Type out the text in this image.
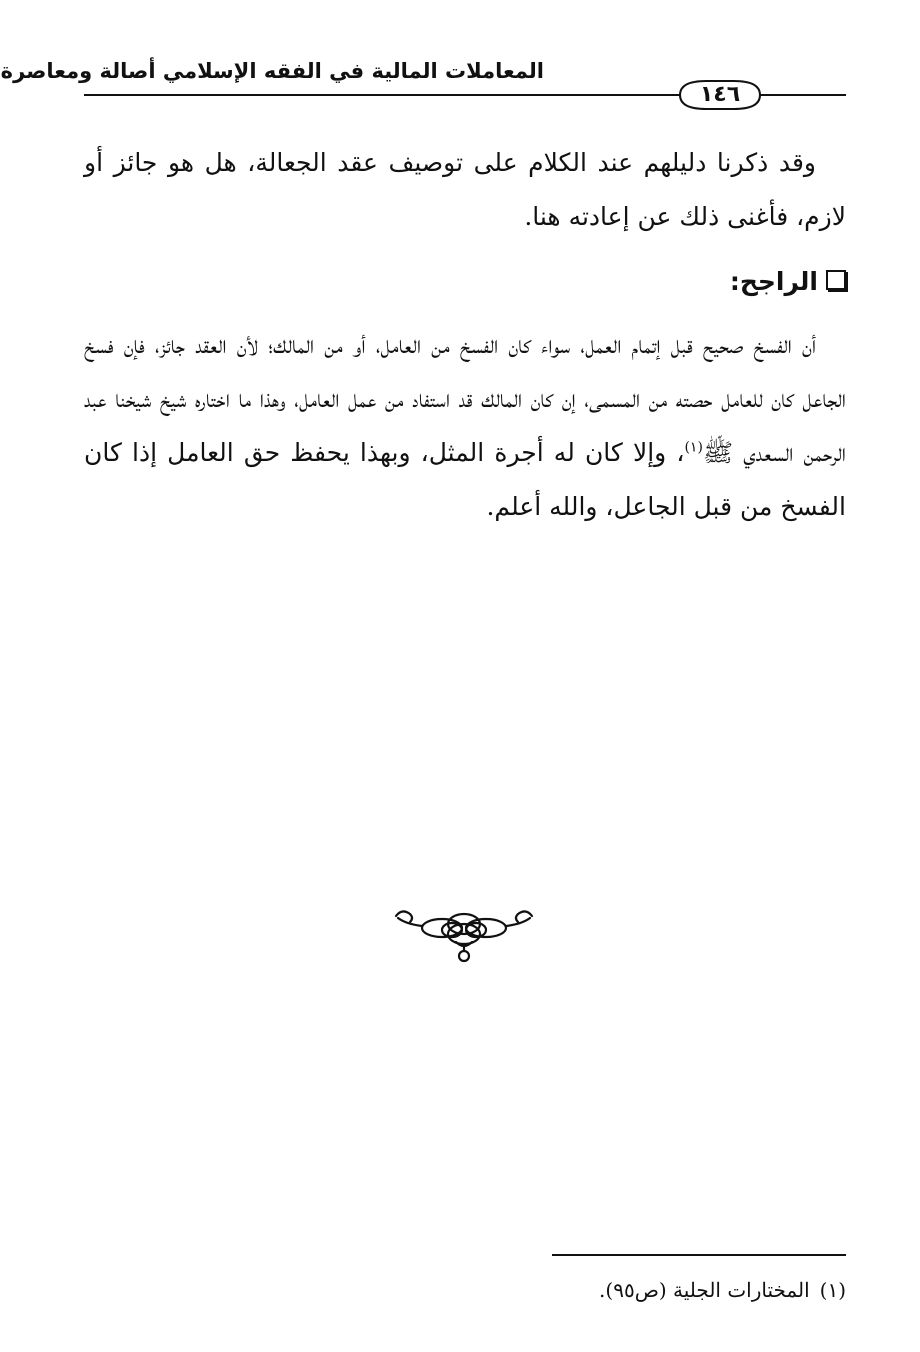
المعاملات المالية في الفقه الإسلامي أصالة ومعاصرة
١٤٦
وقد ذكرنا دليلهم عند الكلام على توصيف عقد الجعالة، هل هو جائز أو لازم، فأغنى ذلك عن إعادته هنا.
الراجح:
أن الفسخ صحيح قبل إتمام العمل، سواء كان الفسخ من العامل، أو من المالك؛ لأن العقد جائز، فإن فسخ الجاعل كان للعامل حصته من المسمى، إن كان المالك قد استفاد من عمل العامل، وهذا ما اختاره شيخ شيخنا عبد الرحمن السعدي ﷺ$^{(١)}$، وإلا كان له أجرة المثل، وبهذا يحفظ حق العامل إذا كان الفسخ من قبل الجاعل، والله أعلم.
(١)المختارات الجلية (ص٩٥).
